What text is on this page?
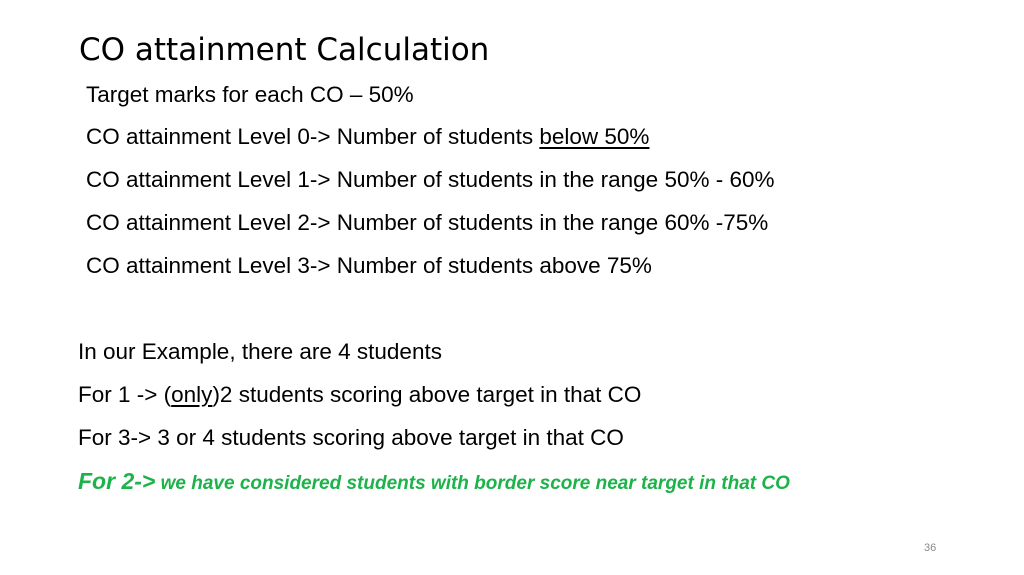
CO attainment Calculation
Target marks for each CO – 50%
CO attainment Level 0-> Number of students below 50%
CO attainment Level 1-> Number of students in the range 50% - 60%
CO attainment Level 2-> Number of students in the range 60% -75%
CO attainment Level 3-> Number of students above 75%
In our Example, there are 4 students
For 1 -> (only)2 students scoring above target in that CO
For 3-> 3 or 4 students scoring above target in that CO
For 2-> we have considered students with border score near target in that CO
36
